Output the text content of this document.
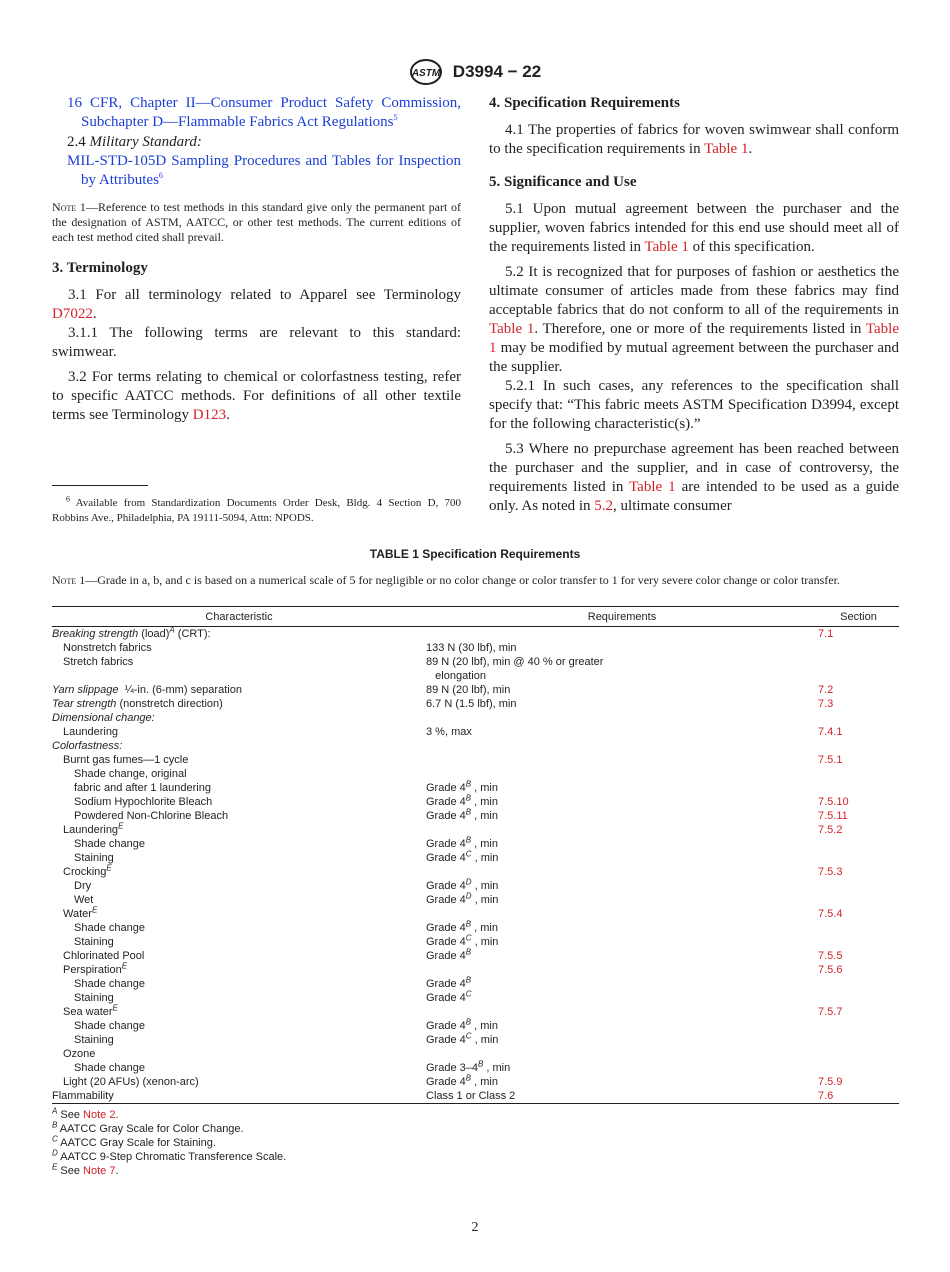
ASTM D3994 − 22

16 CFR, Chapter II—Consumer Product Safety Commission, Subchapter D—Flammable Fabrics Act Regulations$^5$

2.4 Military Standard:

MIL-STD-105D Sampling Procedures and Tables for Inspection by Attributes$^6$

Note 1—Reference to test methods in this standard give only the permanent part of the designation of ASTM, AATCC, or other test methods. The current editions of each test method cited shall prevail.

3. Terminology

3.1 For all terminology related to Apparel see Terminology D7022.

3.1.1 The following terms are relevant to this standard: swimwear.

3.2 For terms relating to chemical or colorfastness testing, refer to specific AATCC methods. For definitions of all other textile terms see Terminology D123.

$^6$ Available from Standardization Documents Order Desk, Bldg. 4 Section D, 700 Robbins Ave., Philadelphia, PA 19111-5094, Attn: NPODS.
4. Specification Requirements

4.1 The properties of fabrics for woven swimwear shall conform to the specification requirements in Table 1.

5. Significance and Use

5.1 Upon mutual agreement between the purchaser and the supplier, woven fabrics intended for this end use should meet all of the requirements listed in Table 1 of this specification.

5.2 It is recognized that for purposes of fashion or aesthetics the ultimate consumer of articles made from these fabrics may find acceptable fabrics that do not conform to all of the requirements in Table 1. Therefore, one or more of the requirements listed in Table 1 may be modified by mutual agreement between the purchaser and the supplier.

5.2.1 In such cases, any references to the specification shall specify that: “This fabric meets ASTM Specification D3994, except for the following characteristic(s).”

5.3 Where no prepurchase agreement has been reached between the purchaser and the supplier, and in case of controversy, the requirements listed in Table 1 are intended to be used as a guide only. As noted in 5.2, ultimate consumer

TABLE 1 Specification Requirements
Note 1—Grade in a, b, and c is based on a numerical scale of 5 for negligible or no color change or color transfer to 1 for very severe color change or color transfer.
Characteristic	Requirements	Section
Breaking strength (load)$^A$ (CRT):		7.1
Nonstretch fabrics	133 N (30 lbf), min	
Stretch fabrics	89 N (20 lbf), min @ 40 % or greater	
	elongation	
Yarn slippage  ¼-in. (6-mm) separation	89 N (20 lbf), min	7.2
Tear strength (nonstretch direction)	6.7 N (1.5 lbf), min	7.3
Dimensional change:		
Laundering	3 %, max	7.4.1
Colorfastness:		
Burnt gas fumes—1 cycle		7.5.1
Shade change, original		
fabric and after 1 laundering	Grade $4^B$ , min	
Sodium Hypochlorite Bleach	Grade $4^B$ , min	7.5.10
Powdered Non-Chlorine Bleach	Grade $4^B$ , min	7.5.11
Laundering$^E$		7.5.2
Shade change	Grade $4^B$ , min	
Staining	Grade $4^C$ , min	
Crocking$^E$		7.5.3
Dry	Grade $4^D$ , min	
Wet	Grade $4^D$ , min	
Water$^E$		7.5.4
Shade change	Grade $4^B$ , min	
Staining	Grade $4^C$ , min	
Chlorinated Pool	Grade $4^B$	7.5.5
Perspiration$^E$		7.5.6
Shade change	Grade $4^B$	
Staining	Grade $4^C$	
Sea water$^E$		7.5.7
Shade change	Grade $4^B$ , min	
Staining	Grade $4^C$ , min	
Ozone		
Shade change	Grade $3-4^B$ , min	
Light (20 AFUs) (xenon-arc)	Grade $4^B$ , min	7.5.9
Flammability	Class 1 or Class 2	7.6
$^A$ See Note 2.
$^B$ AATCC Gray Scale for Color Change.
$^C$ AATCC Gray Scale for Staining.
$^D$ AATCC 9-Step Chromatic Transference Scale.
$^E$ See Note 7.
2
